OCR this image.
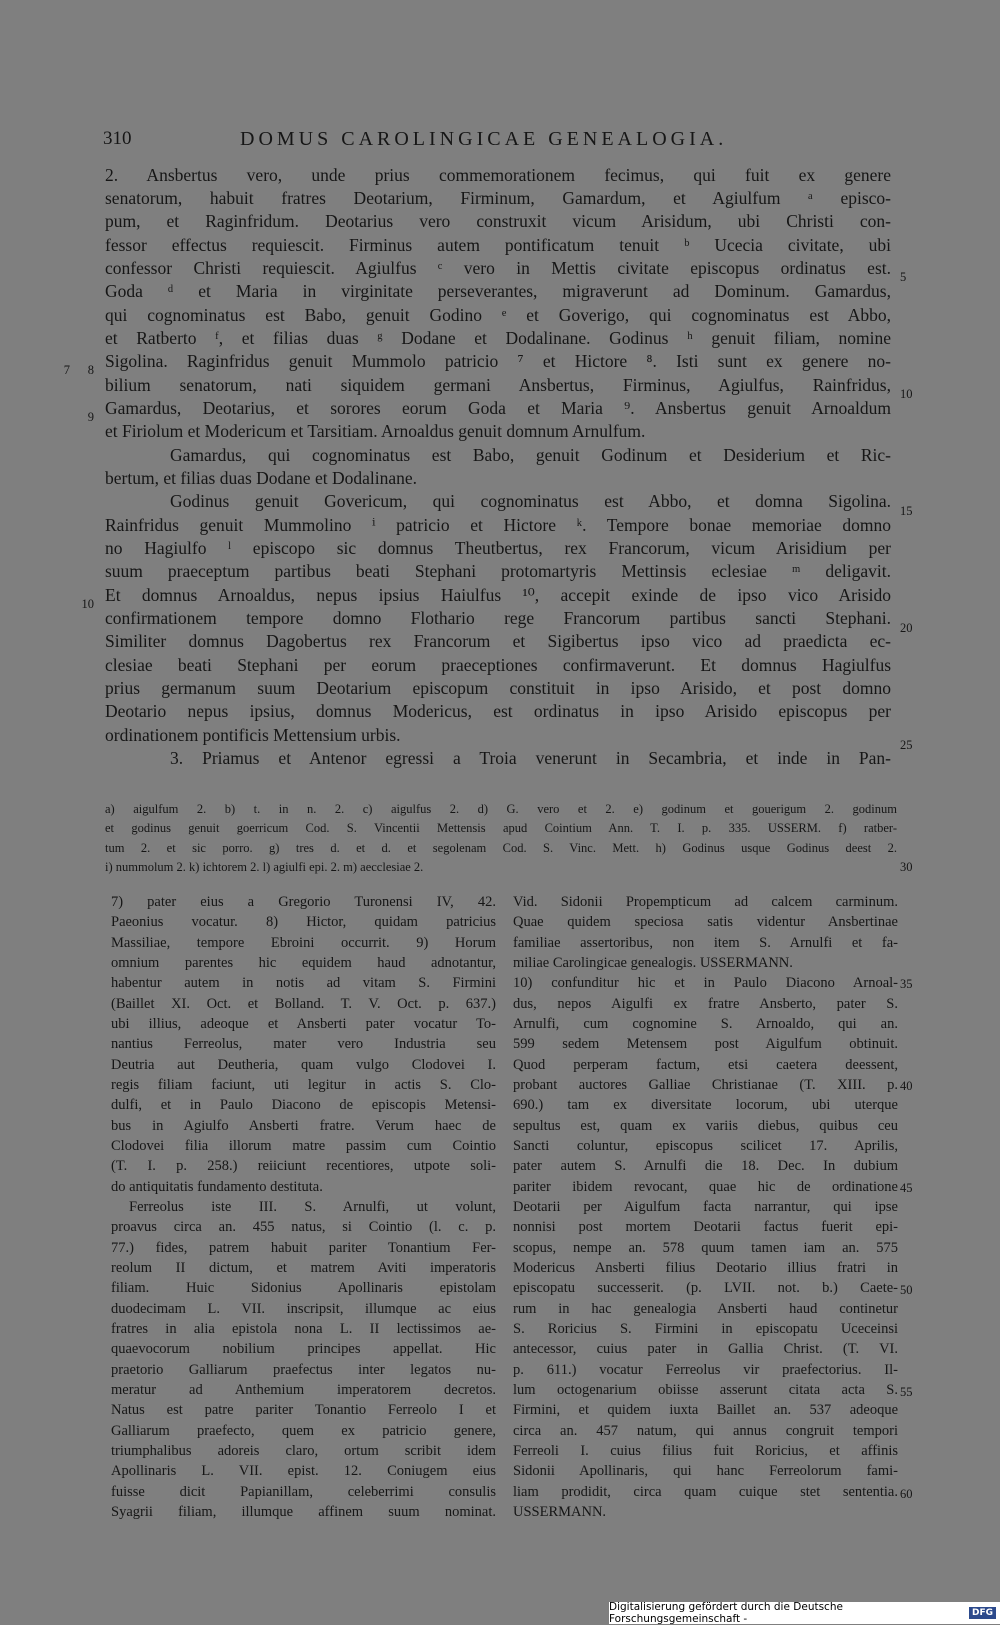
310	DOMUS CAROLINGICAE GENEALOGIA.
2. Ansbertus vero, unde prius commemorationem fecimus, qui fuit ex genere
senatorum, habuit fratres Deotarium, Firminum, Gamardum, et Agiulfum ᵃ episco-
pum, et Raginfridum. Deotarius vero construxit vicum Arisidum, ubi Christi con-
fessor effectus requiescit. Firminus autem pontificatum tenuit ᵇ Ucecia civitate, ubi
confessor Christi requiescit. Agiulfus ᶜ vero in Mettis civitate episcopus ordinatus est.
Goda ᵈ et Maria in virginitate perseverantes, migraverunt ad Dominum. Gamardus,
qui cognominatus est Babo, genuit Godino ᵉ et Goverigo, qui cognominatus est Abbo,
et Ratberto ᶠ, et filias duas ᵍ Dodane et Dodalinane. Godinus ʰ genuit filiam, nomine
Sigolina. Raginfridus genuit Mummolo patricio ⁷ et Hictore ⁸. Isti sunt ex genere no-
bilium senatorum, nati siquidem germani Ansbertus, Firminus, Agiulfus, Rainfridus,
Gamardus, Deotarius, et sorores eorum Goda et Maria ⁹. Ansbertus genuit Arnoaldum
et Firiolum et Modericum et Tarsitiam. Arnoaldus genuit domnum Arnulfum.
Gamardus, qui cognominatus est Babo, genuit Godinum et Desiderium et Ric-
bertum, et filias duas Dodane et Dodalinane.
Godinus genuit Govericum, qui cognominatus est Abbo, et domna Sigolina.
Rainfridus genuit Mummolino ⁱ patricio et Hictore ᵏ. Tempore bonae memoriae domno
no Hagiulfo ˡ episcopo sic domnus Theutbertus, rex Francorum, vicum Arisidium per
suum praeceptum partibus beati Stephani protomartyris Mettinsis eclesiae ᵐ deligavit.
Et domnus Arnoaldus, nepus ipsius Haiulfus ¹⁰, accepit exinde de ipso vico Arisido
confirmationem tempore domno Flothario rege Francorum partibus sancti Stephani.
Similiter domnus Dagobertus rex Francorum et Sigibertus ipso vico ad praedicta ec-
clesiae beati Stephani per eorum praeceptiones confirmaverunt. Et domnus Hagiulfus
prius germanum suum Deotarium episcopum constituit in ipso Arisido, et post domno
Deotario nepus ipsius, domnus Modericus, est ordinatus in ipso Arisido episcopus per
ordinationem pontificis Mettensium urbis.
3. Priamus et Antenor egressi a Troia venerunt in Secambria, et inde in Pan-
5
10
15
20
25
30
35
40
45
50
55
60
7	8
9
10
a) aigulfum 2. b) t. in n. 2. c) aigulfus 2. d) G. vero et 2. e) godinum et gouerigum 2. godinum
et godinus genuit goerricum Cod. S. Vincentii Mettensis apud Cointium Ann. T. I. p. 335. USSERM. f) ratber-
tum 2. et sic porro. g) tres d. et d. et segolenam Cod. S. Vinc. Mett. h) Godinus usque Godinus deest 2.
i) nummolum 2. k) ichtorem 2. l) agiulfi epi. 2. m) aecclesiae 2.
7) pater eius a Gregorio Turonensi IV, 42.
Paeonius vocatur. 8) Hictor, quidam patricius
Massiliae, tempore Ebroini occurrit. 9) Horum
omnium parentes hic equidem haud adnotantur,
habentur autem in notis ad vitam S. Firmini
(Baillet XI. Oct. et Bolland. T. V. Oct. p. 637.)
ubi illius, adeoque et Ansberti pater vocatur To-
nantius Ferreolus, mater vero Industria seu
Deutria aut Deutheria, quam vulgo Clodovei I.
regis filiam faciunt, uti legitur in actis S. Clo-
dulfi, et in Paulo Diacono de episcopis Metensi-
bus in Agiulfo Ansberti fratre. Verum haec de
Clodovei filia illorum matre passim cum Cointio
(T. I. p. 258.) reiiciunt recentiores, utpote soli-
do antiquitatis fundamento destituta.
Ferreolus iste III. S. Arnulfi, ut volunt,
proavus circa an. 455 natus, si Cointio (l. c. p.
77.) fides, patrem habuit pariter Tonantium Fer-
reolum II dictum, et matrem Aviti imperatoris
filiam. Huic Sidonius Apollinaris epistolam
duodecimam L. VII. inscripsit, illumque ac eius
fratres in alia epistola nona L. II lectissimos ae-
quaevocorum nobilium principes appellat. Hic
praetorio Galliarum praefectus inter legatos nu-
meratur ad Anthemium imperatorem decretos.
Natus est patre pariter Tonantio Ferreolo I et
Galliarum praefecto, quem ex patricio genere,
triumphalibus adoreis claro, ortum scribit idem
Apollinaris L. VII. epist. 12. Coniugem eius
fuisse dicit Papianillam, celeberrimi consulis
Syagrii filiam, illumque affinem suum nominat.
Vid. Sidonii Propempticum ad calcem carminum.
Quae quidem speciosa satis videntur Ansbertinae
familiae assertoribus, non item S. Arnulfi et fa-
miliae Carolingicae genealogis. USSERMANN.
10) confunditur hic et in Paulo Diacono Arnoal-
dus, nepos Aigulfi ex fratre Ansberto, pater S.
Arnulfi, cum cognomine S. Arnoaldo, qui an.
599 sedem Metensem post Aigulfum obtinuit.
Quod perperam factum, etsi caetera deessent,
probant auctores Galliae Christianae (T. XIII. p.
690.) tam ex diversitate locorum, ubi uterque
sepultus est, quam ex variis diebus, quibus ceu
Sancti coluntur, episcopus scilicet 17. Aprilis,
pater autem S. Arnulfi die 18. Dec. In dubium
pariter ibidem revocant, quae hic de ordinatione
Deotarii per Aigulfum facta narrantur, qui ipse
nonnisi post mortem Deotarii factus fuerit epi-
scopus, nempe an. 578 quum tamen iam an. 575
Modericus Ansberti filius Deotario illius fratri in
episcopatu successerit. (p. LVII. not. b.) Caete-
rum in hac genealogia Ansberti haud continetur
S. Roricius S. Firmini in episcopatu Uceceinsi
antecessor, cuius pater in Gallia Christ. (T. VI.
p. 611.) vocatur Ferreolus vir praefectorius. Il-
lum octogenarium obiisse asserunt citata acta S.
Firmini, et quidem iuxta Baillet an. 537 adeoque
circa an. 457 natum, qui annus congruit tempori
Ferreoli I. cuius filius fuit Roricius, et affinis
Sidonii Apollinaris, qui hanc Ferreolorum fami-
liam prodidit, circa quam cuique stet sententia.
USSERMANN.
Digitalisierung gefördert durch die Deutsche Forschungsgemeinschaft -	DFG
